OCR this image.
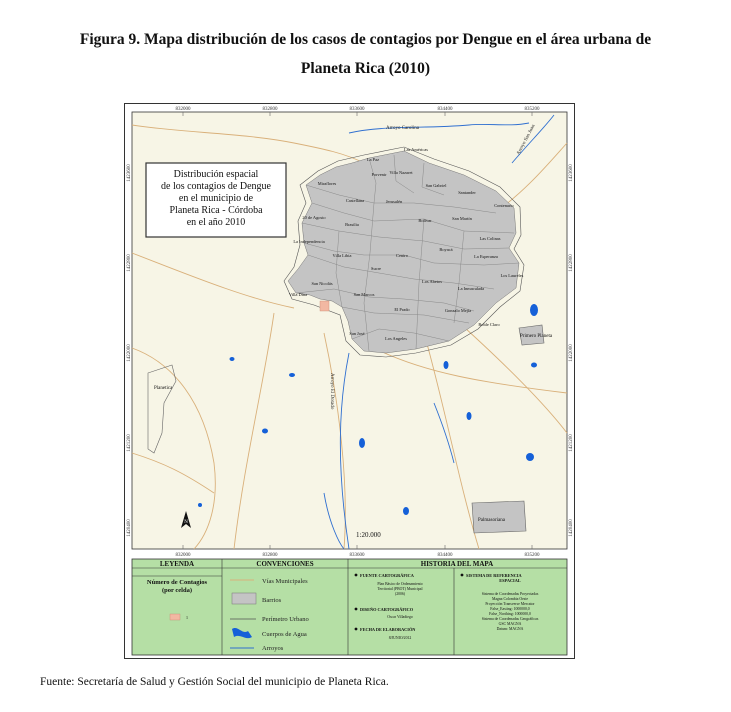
Figura 9. Mapa distribución de los casos de contagios por Dengue en el área urbana de
Planeta Rica (2010)
832000	832800	833600	834400	835200
832000	832800	833600	834400	835200
1423600
1422800
1422000
1421200
1420400
1423600
1422800
1422000
1421200
1420400
Distribución espacial
de los contagios de Dengue
en el municipio de
Planeta Rica - Córdoba
en el año 2010
Arroyo Carolina	Arroyo San Juan
Arroyo El Dorado
Planetica
Palmasoriana
Primero Planeta
Las Américas
La Paz
Porvenir Villa Nazaret
San Gabriel
Santander
Miraflores
Castellana	Jerusalén
Contenario
20 de Agosto
Brasilia
Bolívar	San Martín
La Independencia
Boyacá
Las Colinas
Villa Libia	Centro	La Esperanza
Sucre
Los Laureles
San Nicolás	Los Abetos
Villa Dina	San Marcos
La Inmaculada
El Prado	Gonzalo Mejía
Roble Claro
San José
Los Angeles
N
1:20.000
LEYENDA	CONVENCIONES	HISTORIA DEL MAPA
Número de Contagios
(por celda)
1
Vías Municipales
Barrios
Perímetro Urbano
Cuerpos de Agua
Arroyos
FUENTE CARTOGRÁFICA
Plan Básico de Ordenamiento
Territorial (PBOT) Municipal
(2006)
DISEÑO CARTOGRÁFICO
Oscar Villadiego
FECHA DE ELABORACIÓN
8/JUNIO/2012
SISTEMA DE REFERENCIA
ESPACIAL
Sistema de Coordenadas Proyectadas
Magna Colombia Oeste
Proyección Transverse Mercator
False_Easting: 1000000,0
False_Northing: 1000000,0
Sistema de Coordenadas Geográficas
GSC MAGNA
Datum: MAGNA
Fuente: Secretaría de Salud y Gestión Social del municipio de Planeta Rica.
